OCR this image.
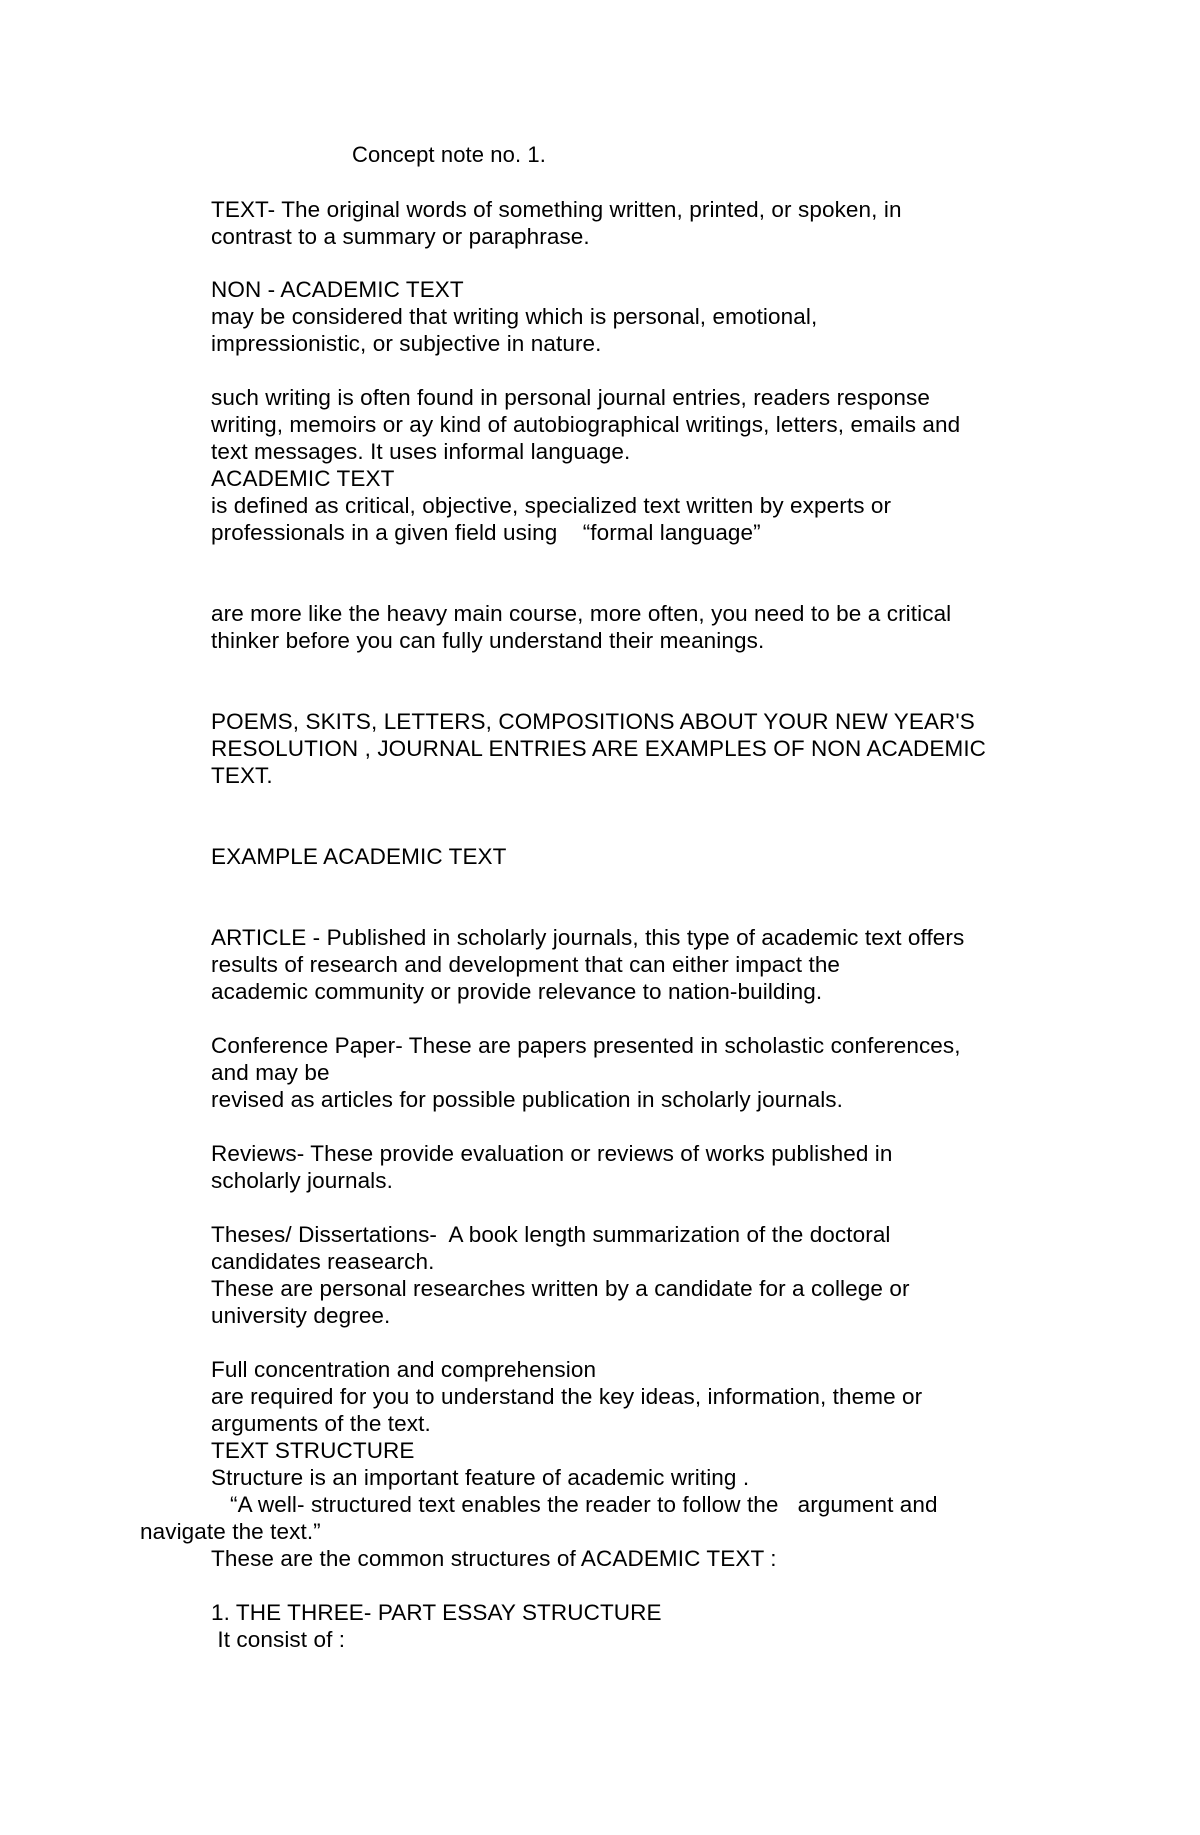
Concept note no. 1.
TEXT- The original words of something written, printed, or spoken, in
contrast to a summary or paraphrase.
NON - ACADEMIC TEXT
may be considered that writing which is personal, emotional,
impressionistic, or subjective in nature.
such writing is often found in personal journal entries, readers response
writing, memoirs or ay kind of autobiographical writings, letters, emails and
text messages. It uses informal language.
ACADEMIC TEXT
is defined as critical, objective, specialized text written by experts or
professionals in a given field using    “formal language”
are more like the heavy main course, more often, you need to be a critical
thinker before you can fully understand their meanings.
POEMS, SKITS, LETTERS, COMPOSITIONS ABOUT YOUR NEW YEAR'S
RESOLUTION , JOURNAL ENTRIES ARE EXAMPLES OF NON ACADEMIC
TEXT.
EXAMPLE ACADEMIC TEXT
ARTICLE - Published in scholarly journals, this type of academic text offers
results of research and development that can either impact the
academic community or provide relevance to nation-building.
Conference Paper- These are papers presented in scholastic conferences,
and may be
revised as articles for possible publication in scholarly journals.
Reviews- These provide evaluation or reviews of works published in
scholarly journals.
Theses/ Dissertations-  A book length summarization of the doctoral
candidates reasearch.
These are personal researches written by a candidate for a college or
university degree.
Full concentration and comprehension
are required for you to understand the key ideas, information, theme or
arguments of the text.
TEXT STRUCTURE
Structure is an important feature of academic writing .
“A well- structured text enables the reader to follow the   argument and
navigate the text.”
These are the common structures of ACADEMIC TEXT :
1. THE THREE- PART ESSAY STRUCTURE
It consist of :
